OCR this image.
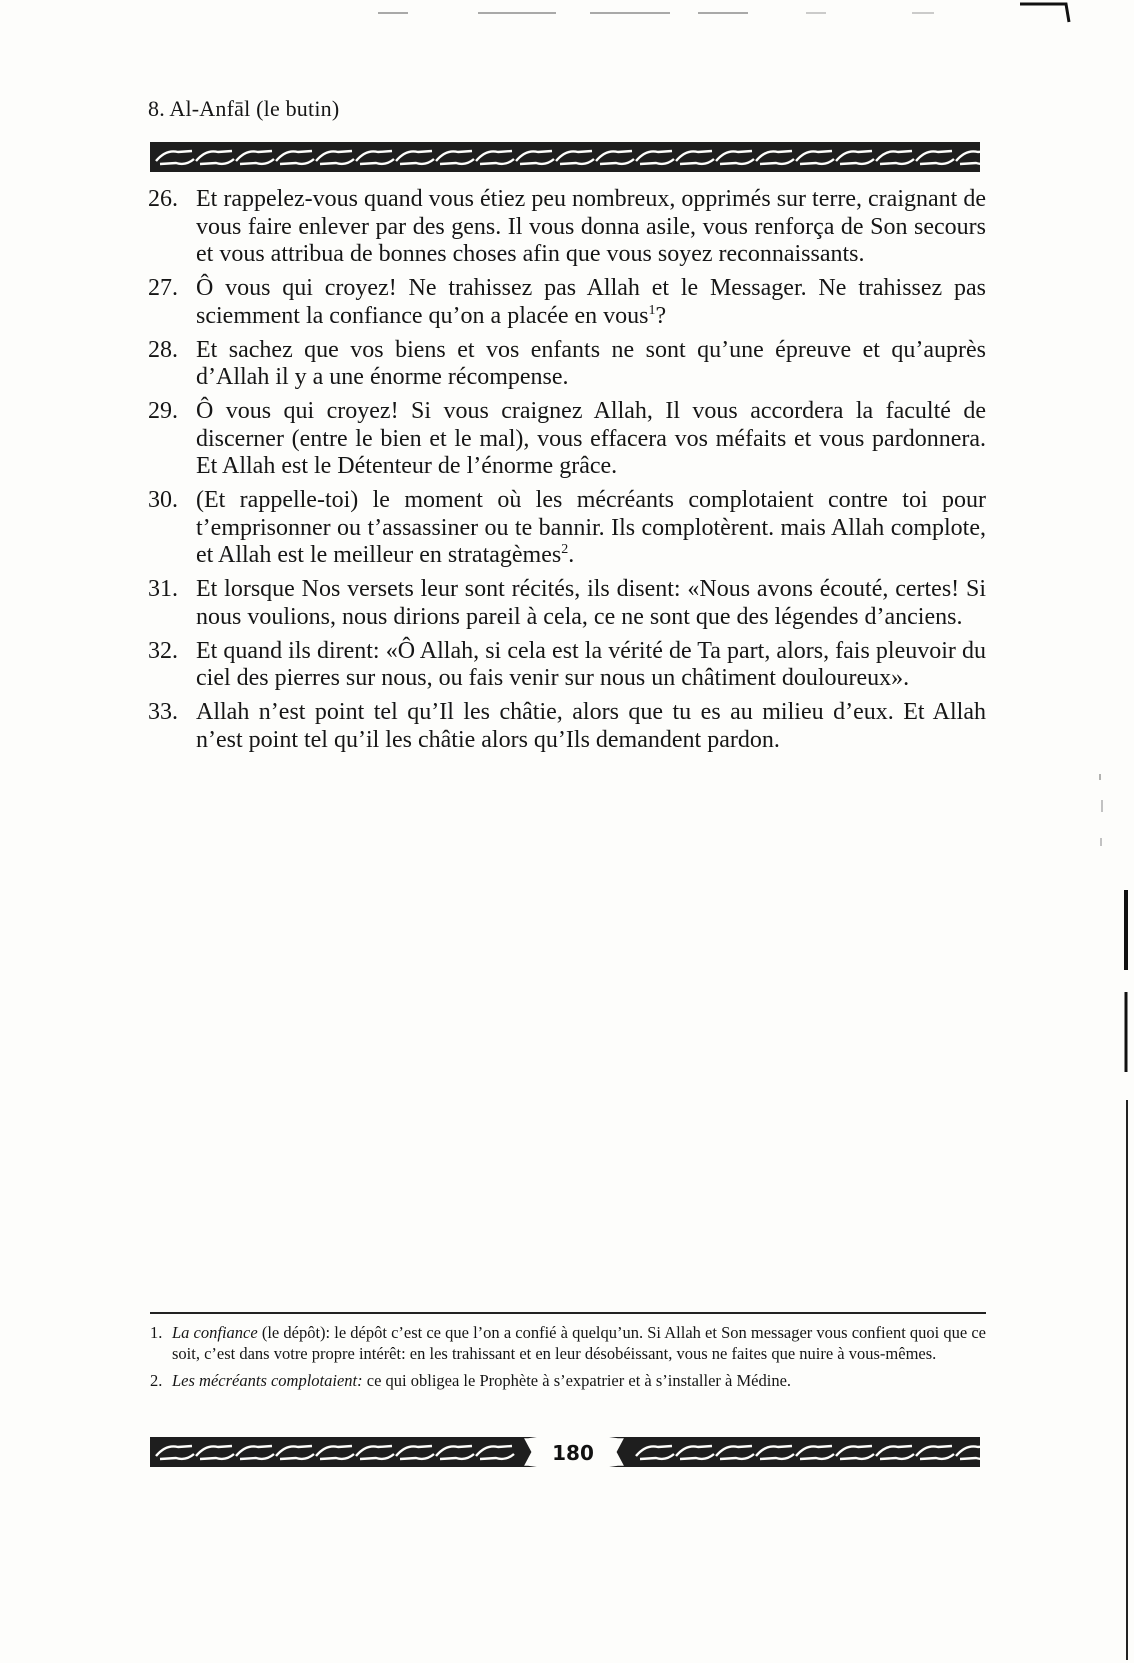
8. Al-Anfāl (le butin)
26. Et rappelez-vous quand vous étiez peu nombreux, opprimés sur terre, craignant de vous faire enlever par des gens. Il vous donna asile, vous renforça de Son secours et vous attribua de bonnes choses afin que vous soyez reconnaissants.
27. Ô vous qui croyez! Ne trahissez pas Allah et le Messager. Ne trahissez pas sciemment la confiance qu’on a placée en vous$^1$?
28. Et sachez que vos biens et vos enfants ne sont qu’une épreuve et qu’auprès d’Allah il y a une énorme récompense.
29. Ô vous qui croyez! Si vous craignez Allah, Il vous accordera la faculté de discerner (entre le bien et le mal), vous effacera vos méfaits et vous pardonnera. Et Allah est le Détenteur de l’énorme grâce.
30. (Et rappelle-toi) le moment où les mécréants complotaient contre toi pour t’emprisonner ou t’assassiner ou te bannir. Ils complotèrent. mais Allah complote, et Allah est le meilleur en stratagèmes$^2$.
31. Et lorsque Nos versets leur sont récités, ils disent: «Nous avons écouté, certes! Si nous voulions, nous dirions pareil à cela, ce ne sont que des légendes d’anciens.
32. Et quand ils dirent: «Ô Allah, si cela est la vérité de Ta part, alors, fais pleuvoir du ciel des pierres sur nous, ou fais venir sur nous un châtiment douloureux».
33. Allah n’est point tel qu’Il les châtie, alors que tu es au milieu d’eux. Et Allah n’est point tel qu’il les châtie alors qu’Ils demandent pardon.
1. La confiance (le dépôt): le dépôt c’est ce que l’on a confié à quelqu’un. Si Allah et Son messager vous confient quoi que ce soit, c’est dans votre propre intérêt: en les trahissant et en leur désobéissant, vous ne faites que nuire à vous-mêmes.
2. Les mécréants complotaient: ce qui obligea le Prophète à s’expatrier et à s’installer à Médine.
180
